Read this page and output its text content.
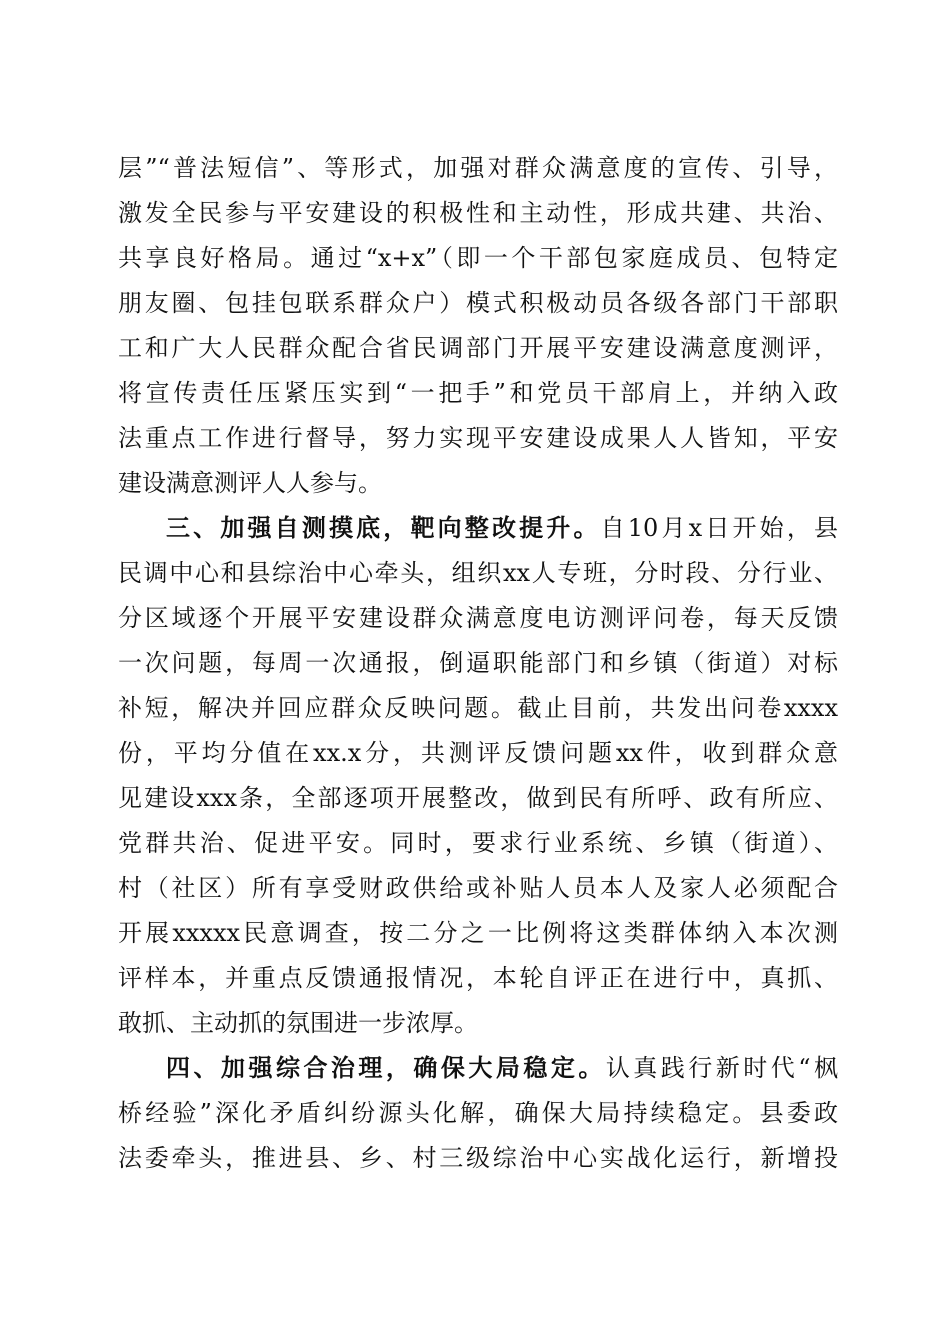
层”“普法短信”、等形式，加强对群众满意度的宣传、引导，
激发全民参与平安建设的积极性和主动性，形成共建、共治、
共享良好格局。通过“x+x”（即一个干部包家庭成员、包特定
朋友圈、包挂包联系群众户）模式积极动员各级各部门干部职
工和广大人民群众配合省民调部门开展平安建设满意度测评，
将宣传责任压紧压实到“一把手”和党员干部肩上，并纳入政
法重点工作进行督导，努力实现平安建设成果人人皆知，平安
建设满意测评人人参与。
三、加强自测摸底，靶向整改提升。自10月x日开始，县
民调中心和县综治中心牵头，组织xx人专班，分时段、分行业、
分区域逐个开展平安建设群众满意度电访测评问卷，每天反馈
一次问题，每周一次通报，倒逼职能部门和乡镇（街道）对标
补短，解决并回应群众反映问题。截止目前，共发出问卷xxxx
份，平均分值在xx.x分，共测评反馈问题xx件，收到群众意
见建设xxx条，全部逐项开展整改，做到民有所呼、政有所应、
党群共治、促进平安。同时，要求行业系统、乡镇（街道）、
村（社区）所有享受财政供给或补贴人员本人及家人必须配合
开展xxxxx民意调查，按二分之一比例将这类群体纳入本次测
评样本，并重点反馈通报情况，本轮自评正在进行中，真抓、
敢抓、主动抓的氛围进一步浓厚。
四、加强综合治理，确保大局稳定。认真践行新时代“枫
桥经验”深化矛盾纠纷源头化解，确保大局持续稳定。县委政
法委牵头，推进县、乡、村三级综治中心实战化运行，新增投
